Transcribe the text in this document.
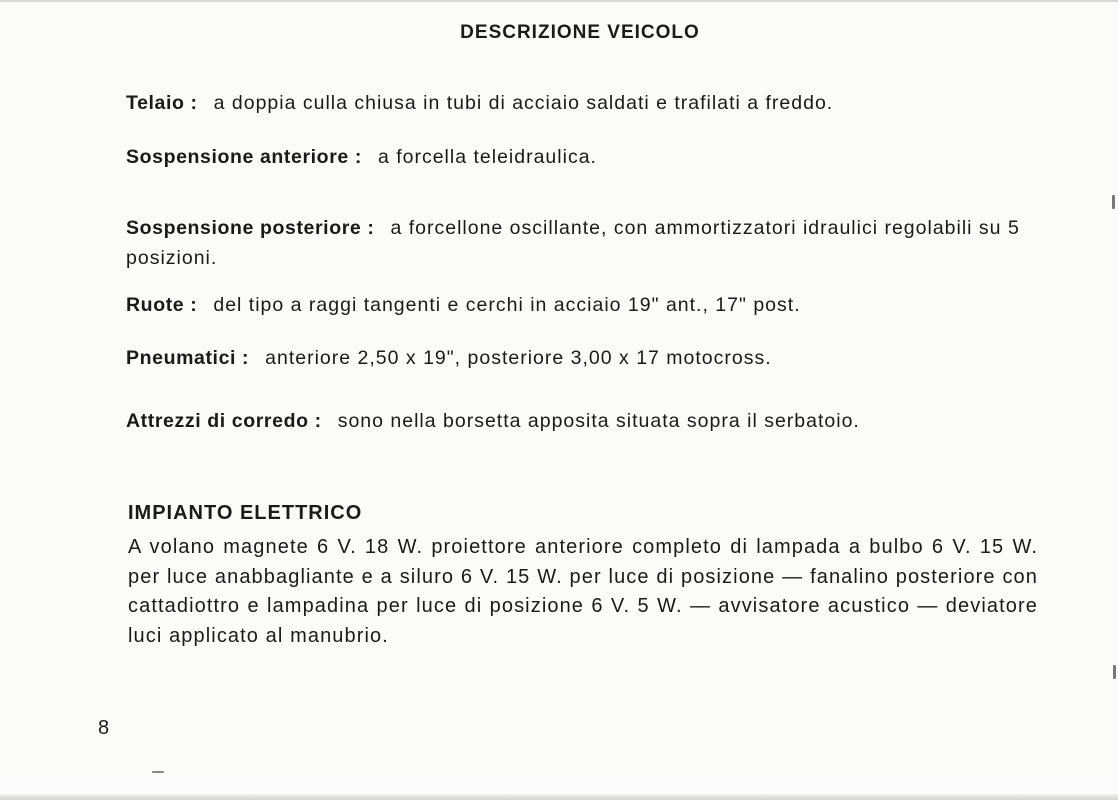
DESCRIZIONE VEICOLO
Telaio : a doppia culla chiusa in tubi di acciaio saldati e trafilati a freddo.
Sospensione anteriore : a forcella teleidraulica.
Sospensione posteriore : a forcellone oscillante, con ammortizzatori idraulici regolabili su 5 posizioni.
Ruote : del tipo a raggi tangenti e cerchi in acciaio 19" ant., 17" post.
Pneumatici : anteriore 2,50 x 19", posteriore 3,00 x 17 motocross.
Attrezzi di corredo : sono nella borsetta apposita situata sopra il serbatoio.
IMPIANTO ELETTRICO
A volano magnete 6 V. 18 W. proiettore anteriore completo di lampada a bulbo 6 V. 15 W. per luce anabbagliante e a siluro 6 V. 15 W. per luce di posizione — fanalino posteriore con cattadiottro e lampadina per luce di posizione 6 V. 5 W. — avvisatore acustico — deviatore luci applicato al manubrio.
8
